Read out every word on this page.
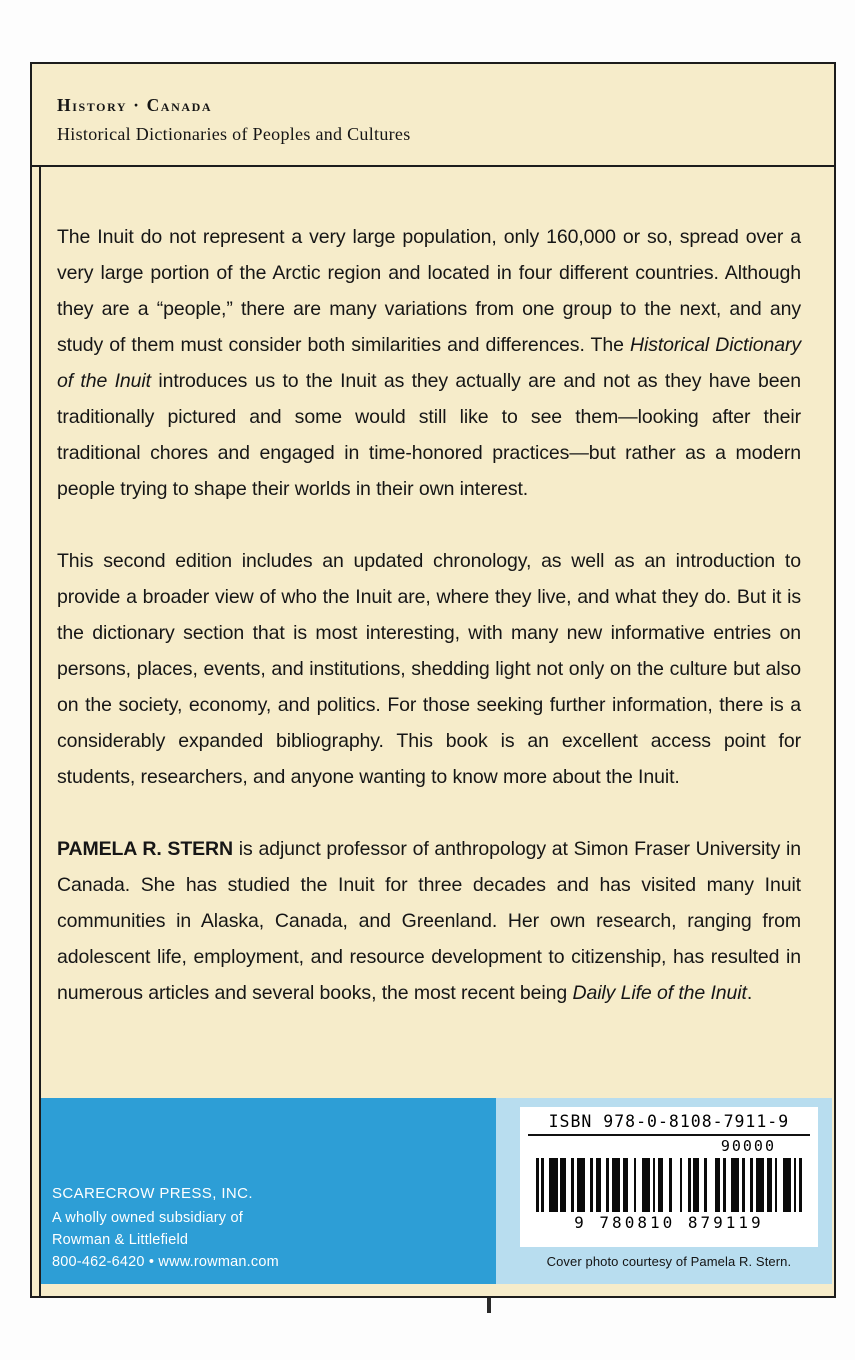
History · Canada
Historical Dictionaries of Peoples and Cultures

The Inuit do not represent a very large population, only 160,000 or so, spread over a very large portion of the Arctic region and located in four different countries. Although they are a “people,” there are many variations from one group to the next, and any study of them must consider both similarities and differences. The Historical Dictionary of the Inuit introduces us to the Inuit as they actually are and not as they have been traditionally pictured and some would still like to see them—looking after their traditional chores and engaged in time-honored practices—but rather as a modern people trying to shape their worlds in their own interest.

This second edition includes an updated chronology, as well as an introduction to provide a broader view of who the Inuit are, where they live, and what they do. But it is the dictionary section that is most interesting, with many new informative entries on persons, places, events, and institutions, shedding light not only on the culture but also on the society, economy, and politics. For those seeking further information, there is a considerably expanded bibliography. This book is an excellent access point for students, researchers, and anyone wanting to know more about the Inuit.

PAMELA R. STERN is adjunct professor of anthropology at Simon Fraser University in Canada. She has studied the Inuit for three decades and has visited many Inuit communities in Alaska, Canada, and Greenland. Her own research, ranging from adolescent life, employment, and resource development to citizenship, has resulted in numerous articles and several books, the most recent being Daily Life of the Inuit.

SCARECROW PRESS, INC.
A wholly owned subsidiary of
Rowman & Littlefield
800-462-6420 • www.rowman.com
ISBN 978-0-8108-7911-9
90000
9 780810 879119
Cover photo courtesy of Pamela R. Stern.
